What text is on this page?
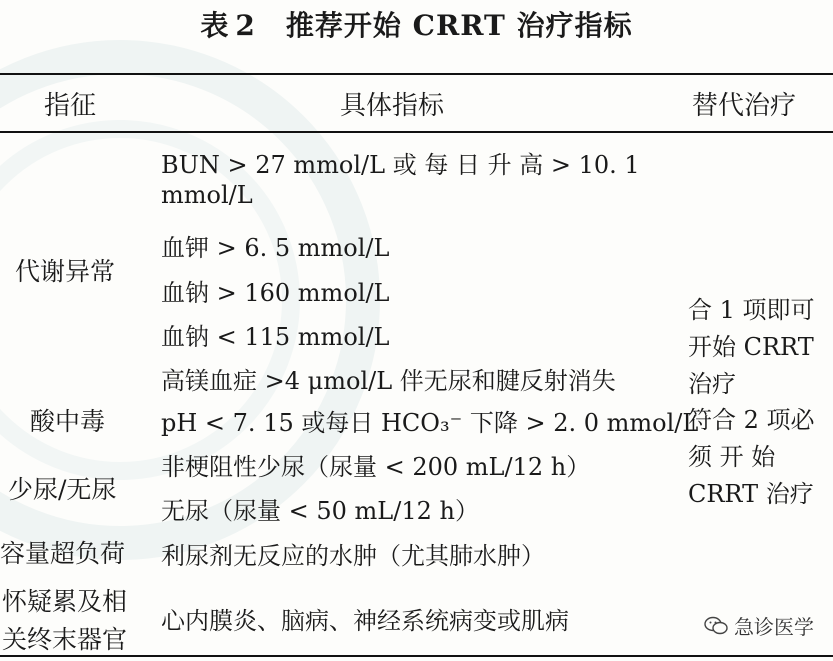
表 2 推荐开始 CRRT 治疗指标
指征	具体指标	替代治疗
代谢异常
酸中毒
少尿/无尿
容量超负荷
怀疑累及相
关终末器官
BUN > 27 mmol/L 或 每 日 升 高 > 10. 1
mmol/L
血钾 > 6. 5 mmol/L
血钠 > 160 mmol/L
血钠 < 115 mmol/L
高镁血症 >4 μmol/L 伴无尿和腱反射消失
pH < 7. 15 或每日 HCO₃⁻ 下降 > 2. 0 mmol/L
非梗阻性少尿（尿量 < 200 mL/12 h）
无尿（尿量 < 50 mL/12 h）
利尿剂无反应的水肿（尤其肺水肿）
心内膜炎、脑病、神经系统病变或肌病
合 1 项即可
开始 CRRT
治疗
符合 2 项必
须 开 始
CRRT 治疗
急诊医学
